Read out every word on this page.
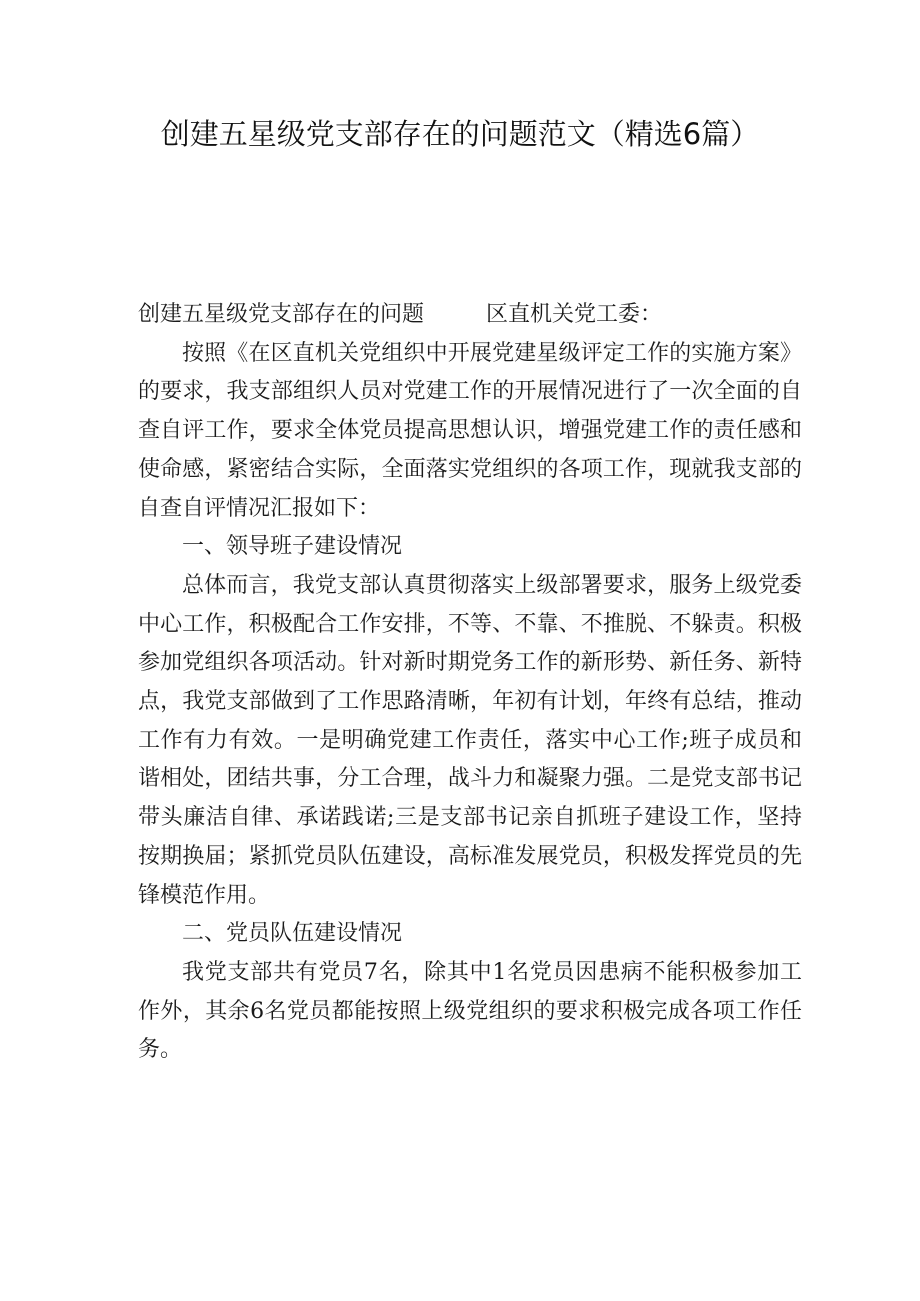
创建五星级党支部存在的问题范文（精选6篇）

创建五星级党支部存在的问题	区直机关党工委：

按照《在区直机关党组织中开展党建星级评定工作的实施方案》的要求，我支部组织人员对党建工作的开展情况进行了一次全面的自查自评工作，要求全体党员提高思想认识，增强党建工作的责任感和使命感，紧密结合实际，全面落实党组织的各项工作，现就我支部的自查自评情况汇报如下：

一、领导班子建设情况

总体而言，我党支部认真贯彻落实上级部署要求，服务上级党委中心工作，积极配合工作安排，不等、不靠、不推脱、不躲责。积极参加党组织各项活动。针对新时期党务工作的新形势、新任务、新特点，我党支部做到了工作思路清晰，年初有计划，年终有总结，推动工作有力有效。一是明确党建工作责任，落实中心工作;班子成员和谐相处，团结共事，分工合理，战斗力和凝聚力强。二是党支部书记带头廉洁自律、承诺践诺;三是支部书记亲自抓班子建设工作，坚持按期换届；紧抓党员队伍建设，高标准发展党员，积极发挥党员的先锋模范作用。

二、党员队伍建设情况

我党支部共有党员7名，除其中1名党员因患病不能积极参加工作外，其余6名党员都能按照上级党组织的要求积极完成各项工作任务。
